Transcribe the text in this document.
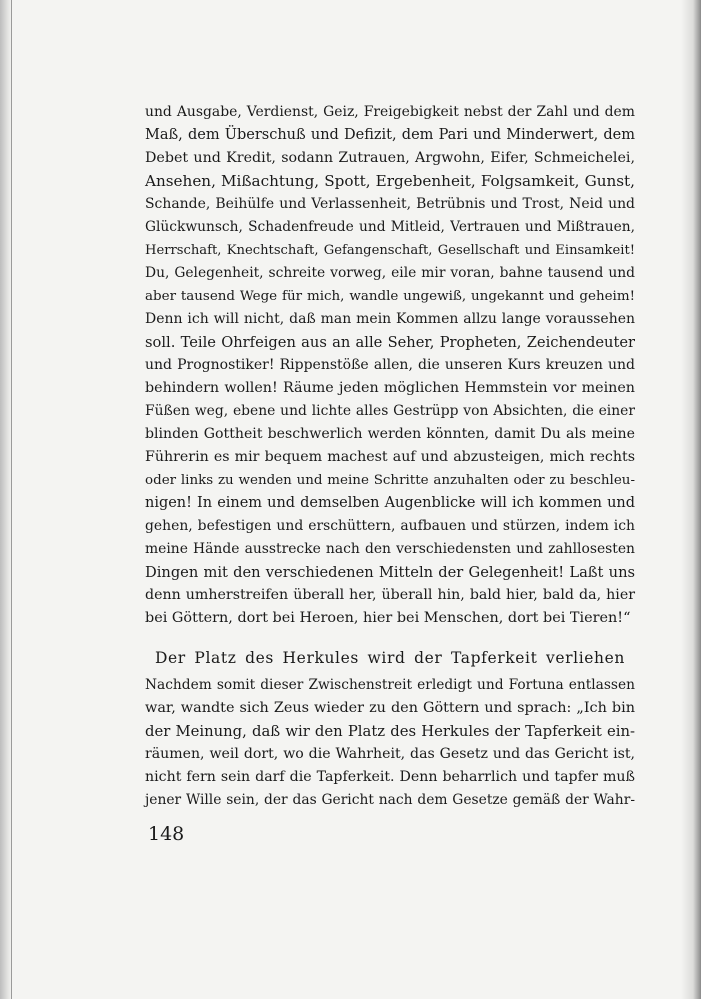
und Ausgabe, Verdienst, Geiz, Freigebigkeit nebst der Zahl und dem
Maß, dem Überschuß und Defizit, dem Pari und Minderwert, dem
Debet und Kredit, sodann Zutrauen, Argwohn, Eifer, Schmeichelei,
Ansehen, Mißachtung, Spott, Ergebenheit, Folgsamkeit, Gunst,
Schande, Beihülfe und Verlassenheit, Betrübnis und Trost, Neid und
Glückwunsch, Schadenfreude und Mitleid, Vertrauen und Mißtrauen,
Herrschaft, Knechtschaft, Gefangenschaft, Gesellschaft und Einsamkeit!
Du, Gelegenheit, schreite vorweg, eile mir voran, bahne tausend und
aber tausend Wege für mich, wandle ungewiß, ungekannt und geheim!
Denn ich will nicht, daß man mein Kommen allzu lange voraussehen
soll. Teile Ohrfeigen aus an alle Seher, Propheten, Zeichendeuter
und Prognostiker! Rippenstöße allen, die unseren Kurs kreuzen und
behindern wollen! Räume jeden möglichen Hemmstein vor meinen
Füßen weg, ebene und lichte alles Gestrüpp von Absichten, die einer
blinden Gottheit beschwerlich werden könnten, damit Du als meine
Führerin es mir bequem machest auf und abzusteigen, mich rechts
oder links zu wenden und meine Schritte anzuhalten oder zu beschleu-
nigen! In einem und demselben Augenblicke will ich kommen und
gehen, befestigen und erschüttern, aufbauen und stürzen, indem ich
meine Hände ausstrecke nach den verschiedensten und zahllosesten
Dingen mit den verschiedenen Mitteln der Gelegenheit! Laßt uns
denn umherstreifen überall her, überall hin, bald hier, bald da, hier
bei Göttern, dort bei Heroen, hier bei Menschen, dort bei Tieren!“
Der Platz des Herkules wird der Tapferkeit verliehen
Nachdem somit dieser Zwischenstreit erledigt und Fortuna entlassen
war, wandte sich Zeus wieder zu den Göttern und sprach: „Ich bin
der Meinung, daß wir den Platz des Herkules der Tapferkeit ein-
räumen, weil dort, wo die Wahrheit, das Gesetz und das Gericht ist,
nicht fern sein darf die Tapferkeit. Denn beharrlich und tapfer muß
jener Wille sein, der das Gericht nach dem Gesetze gemäß der Wahr-
148
